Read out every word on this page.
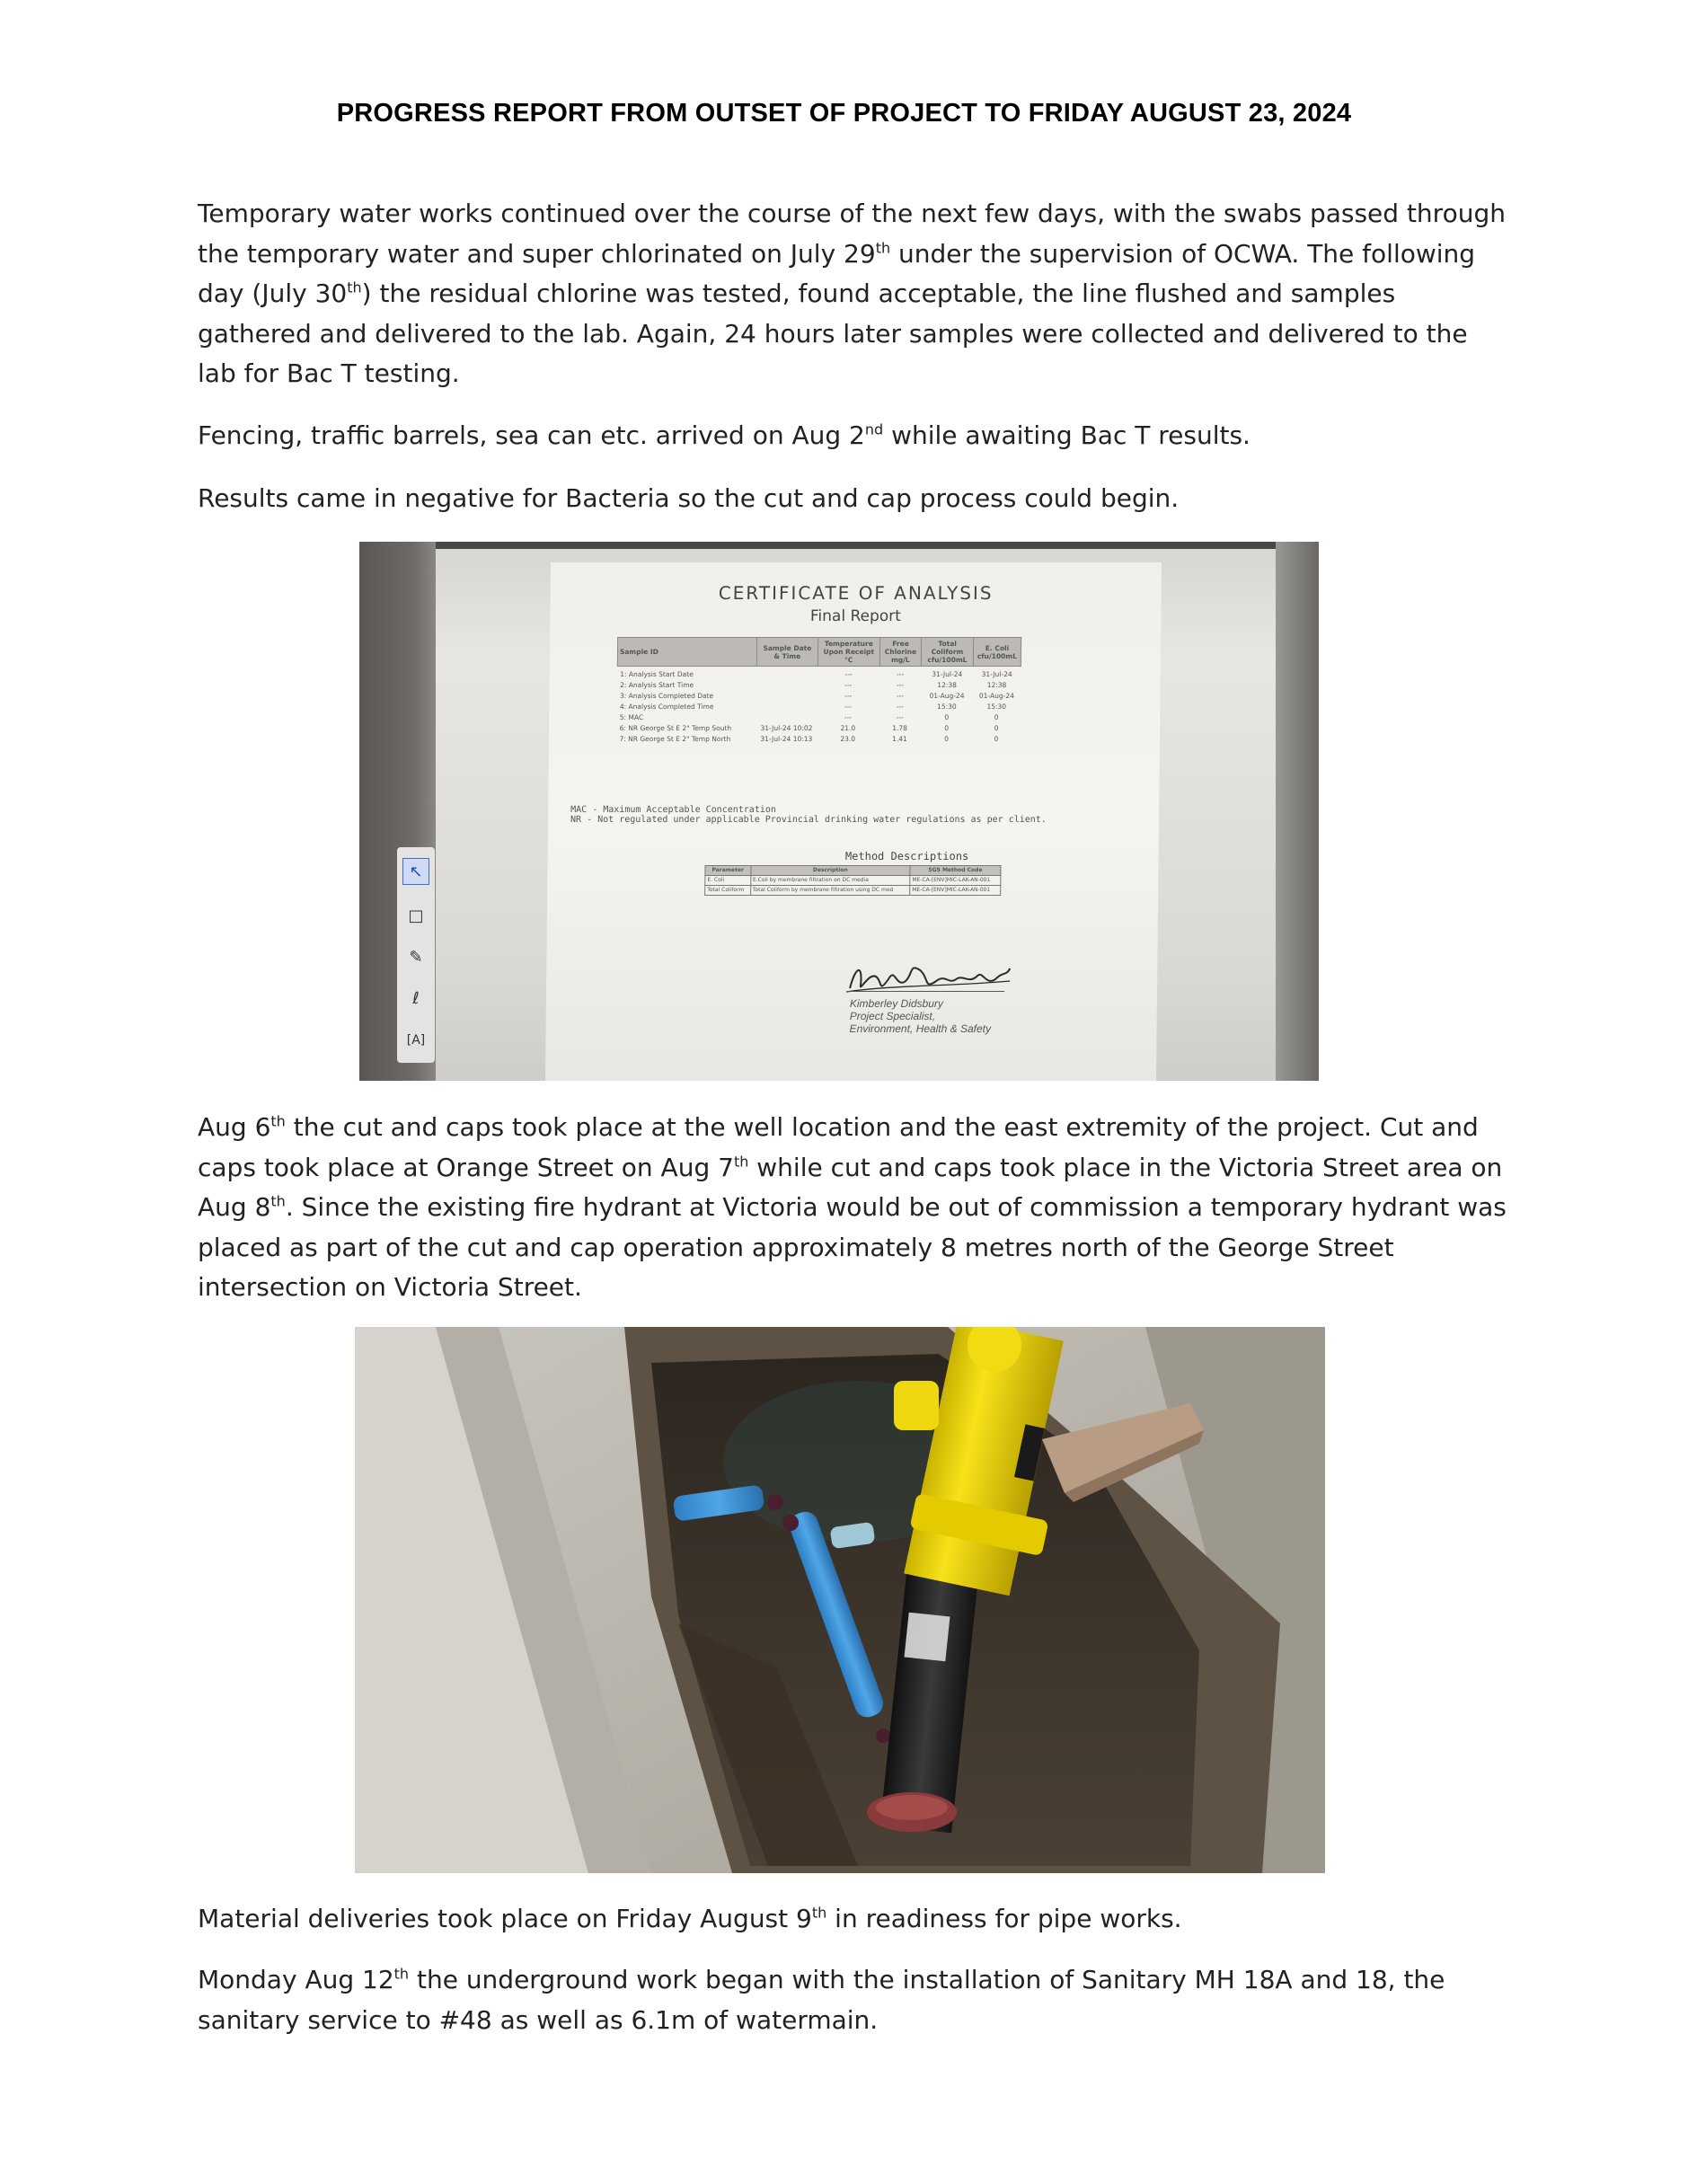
PROGRESS REPORT FROM OUTSET OF PROJECT TO FRIDAY AUGUST 23, 2024

Temporary water works continued over the course of the next few days, with the swabs passed through the temporary water and super chlorinated on July 29th under the supervision of OCWA. The following day (July 30th) the residual chlorine was tested, found acceptable, the line flushed and samples gathered and delivered to the lab. Again, 24 hours later samples were collected and delivered to the lab for Bac T testing.

Fencing, traffic barrels, sea can etc. arrived on Aug 2nd while awaiting Bac T results.

Results came in negative for Bacteria so the cut and cap process could begin.

CERTIFICATE OF ANALYSIS
Final Report
Sample ID	Sample Date & Time	Temperature Upon Receipt °C	Free Chlorine mg/L	Total Coliform cfu/100mL	E. Coli cfu/100mL
1: Analysis Start Date		---	---	31-Jul-24	31-Jul-24
2: Analysis Start Time		---	---	12:38	12:38
3: Analysis Completed Date		---	---	01-Aug-24	01-Aug-24
4: Analysis Completed Time		---	---	15:30	15:30
5: MAC		---	---	0	0
6: NR George St E 2" Temp South	31-Jul-24 10:02	21.0	1.78	0	0
7: NR George St E 2" Temp North	31-Jul-24 10:13	23.0	1.41	0	0
MAC - Maximum Acceptable Concentration
NR - Not regulated under applicable Provincial drinking water regulations as per client.
Method Descriptions
Parameter	Description	SGS Method Code
E. Coli	E.Coli by membrane filtration on DC media	ME-CA-[ENV]MIC-LAK-AN-001
Total Coliform	Total Coliform by membrane filtration using DC med	ME-CA-[ENV]MIC-LAK-AN-001
Kimberley Didsbury
Project Specialist,
Environment, Health & Safety
↖
□
✎
ℓ
[A]

Aug 6th the cut and caps took place at the well location and the east extremity of the project. Cut and caps took place at Orange Street on Aug 7th while cut and caps took place in the Victoria Street area on Aug 8th. Since the existing fire hydrant at Victoria would be out of commission a temporary hydrant was placed as part of the cut and cap operation approximately 8 metres north of the George Street intersection on Victoria Street.

Material deliveries took place on Friday August 9th in readiness for pipe works.

Monday Aug 12th the underground work began with the installation of Sanitary MH 18A and 18, the sanitary service to #48 as well as 6.1m of watermain.
